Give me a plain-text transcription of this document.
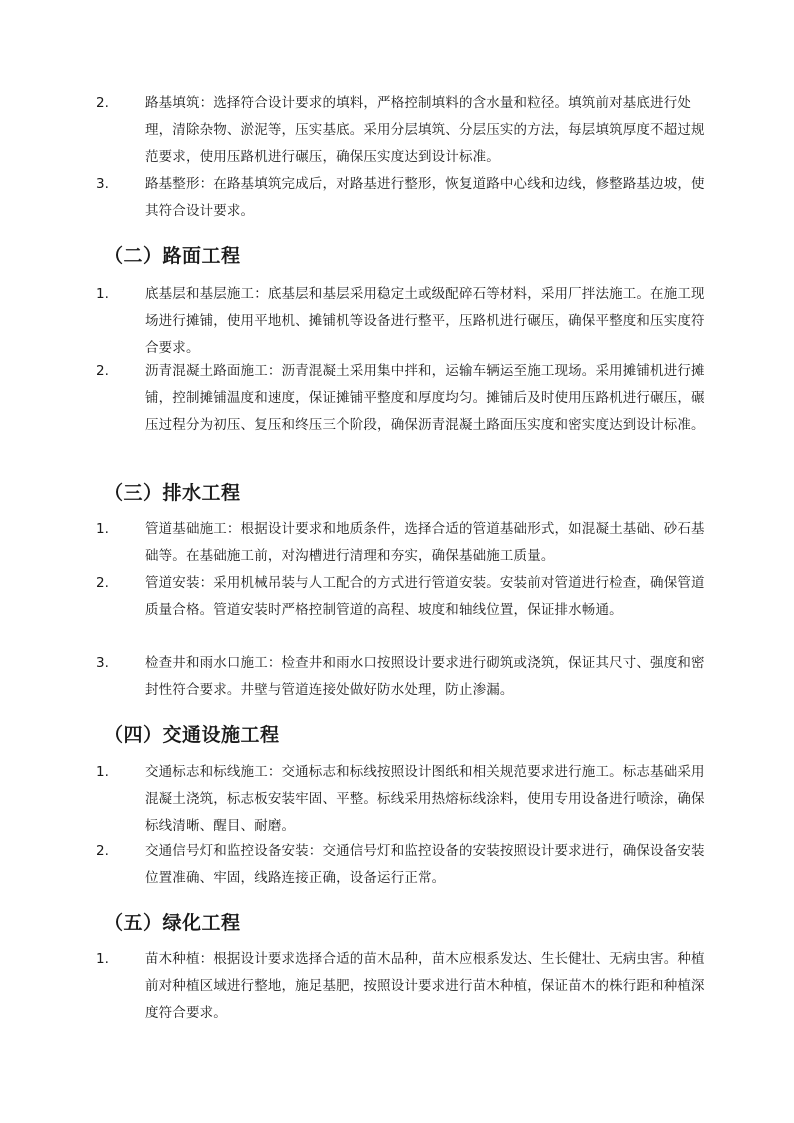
2.	路基填筑：选择符合设计要求的填料，严格控制填料的含水量和粒径。填筑前对基底进行处理，清除杂物、淤泥等，压实基底。采用分层填筑、分层压实的方法，每层填筑厚度不超过规范要求，使用压路机进行碾压，确保压实度达到设计标准。
3.	路基整形：在路基填筑完成后，对路基进行整形，恢复道路中心线和边线，修整路基边坡，使其符合设计要求。
（二）路面工程
1.	底基层和基层施工：底基层和基层采用稳定土或级配碎石等材料，采用厂拌法施工。在施工现场进行摊铺，使用平地机、摊铺机等设备进行整平，压路机进行碾压，确保平整度和压实度符合要求。
2.	沥青混凝土路面施工：沥青混凝土采用集中拌和，运输车辆运至施工现场。采用摊铺机进行摊铺，控制摊铺温度和速度，保证摊铺平整度和厚度均匀。摊铺后及时使用压路机进行碾压，碾压过程分为初压、复压和终压三个阶段，确保沥青混凝土路面压实度和密实度达到设计标准。
（三）排水工程
1.	管道基础施工：根据设计要求和地质条件，选择合适的管道基础形式，如混凝土基础、砂石基础等。在基础施工前，对沟槽进行清理和夯实，确保基础施工质量。
2.	管道安装：采用机械吊装与人工配合的方式进行管道安装。安装前对管道进行检查，确保管道质量合格。管道安装时严格控制管道的高程、坡度和轴线位置，保证排水畅通。
3.	检查井和雨水口施工：检查井和雨水口按照设计要求进行砌筑或浇筑，保证其尺寸、强度和密封性符合要求。井壁与管道连接处做好防水处理，防止渗漏。
（四）交通设施工程
1.	交通标志和标线施工：交通标志和标线按照设计图纸和相关规范要求进行施工。标志基础采用混凝土浇筑，标志板安装牢固、平整。标线采用热熔标线涂料，使用专用设备进行喷涂，确保标线清晰、醒目、耐磨。
2.	交通信号灯和监控设备安装：交通信号灯和监控设备的安装按照设计要求进行，确保设备安装位置准确、牢固，线路连接正确，设备运行正常。
（五）绿化工程
1.	苗木种植：根据设计要求选择合适的苗木品种，苗木应根系发达、生长健壮、无病虫害。种植前对种植区域进行整地，施足基肥，按照设计要求进行苗木种植，保证苗木的株行距和种植深度符合要求。
